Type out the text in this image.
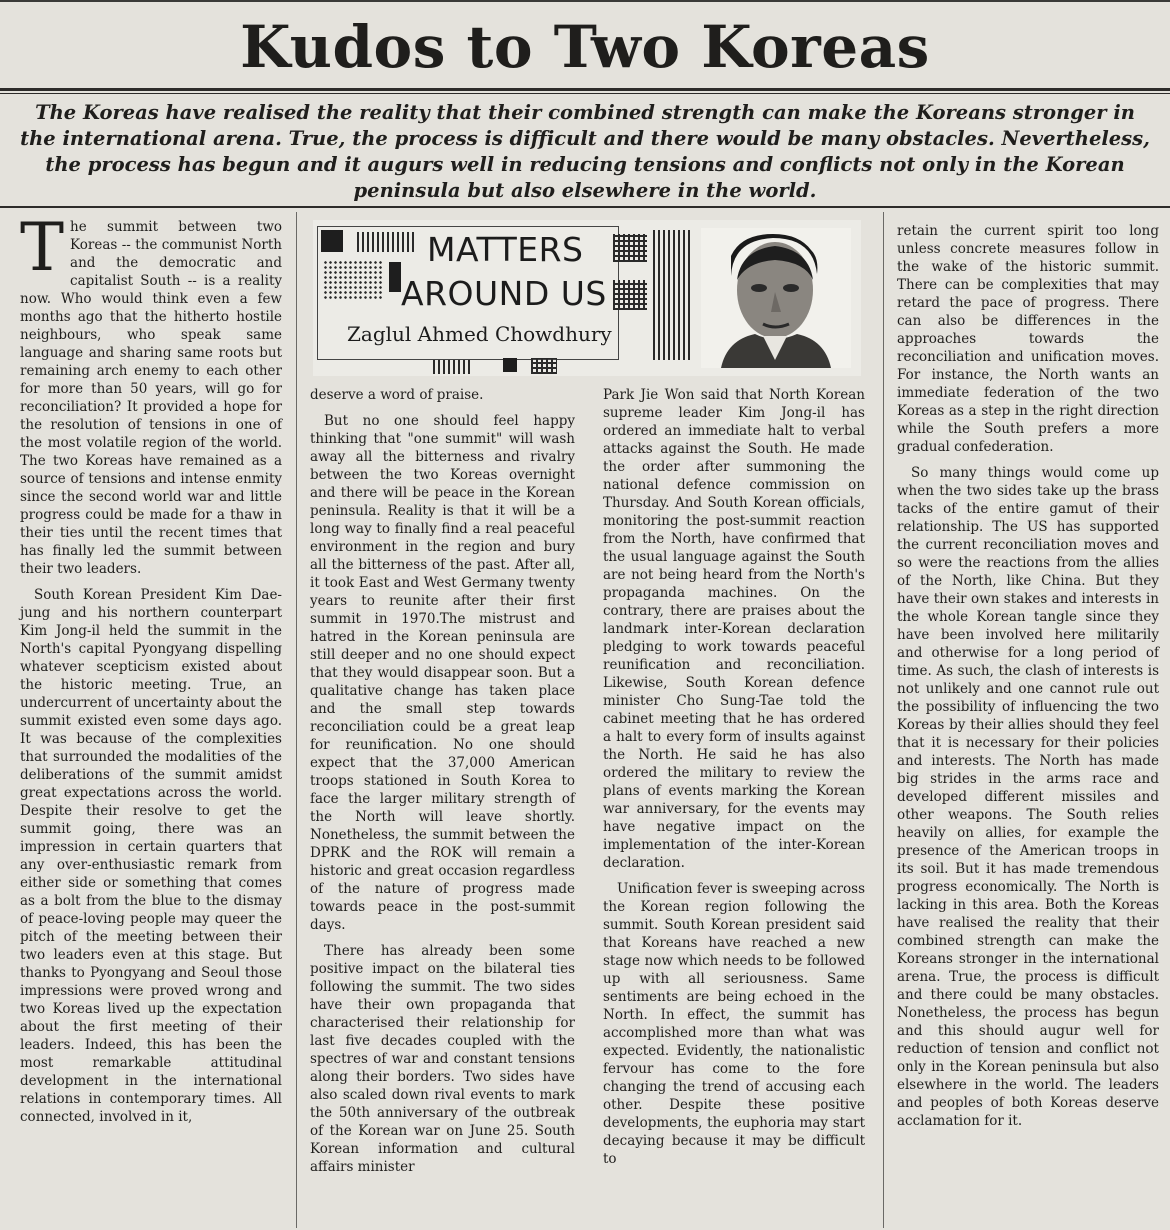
Kudos to Two Koreas
The Koreas have realised the reality that their combined strength can make the Koreans stronger in the international arena. True, the process is difficult and there would be many obstacles. Nevertheless, the process has begun and it augurs well in reducing tensions and conflicts not only in the Korean peninsula but also elsewhere in the world.

The summit between two Koreas -- the communist North and the democratic and capitalist South -- is a reality now. Who would think even a few months ago that the hitherto hostile neighbours, who speak same language and sharing same roots but remaining arch enemy to each other for more than 50 years, will go for reconciliation? It provided a hope for the resolution of tensions in one of the most volatile region of the world. The two Koreas have remained as a source of tensions and intense enmity since the second world war and little progress could be made for a thaw in their ties until the recent times that has finally led the summit between their two leaders.

South Korean President Kim Dae-jung and his northern counterpart Kim Jong-il held the summit in the North's capital Pyongyang dispelling whatever scepticism existed about the historic meeting. True, an undercurrent of uncertainty about the summit existed even some days ago. It was because of the complexities that surrounded the modalities of the deliberations of the summit amidst great expectations across the world. Despite their resolve to get the summit going, there was an impression in certain quarters that any over-enthusiastic remark from either side or something that comes as a bolt from the blue to the dismay of peace-loving people may queer the pitch of the meeting between their two leaders even at this stage. But thanks to Pyongyang and Seoul those impressions were proved wrong and two Koreas lived up the expectation about the first meeting of their leaders. Indeed, this has been the most remarkable attitudinal development in the international relations in contemporary times. All connected, involved in it,

MATTERS
AROUND US
Zaglul Ahmed Chowdhury

deserve a word of praise.

But no one should feel happy thinking that "one summit" will wash away all the bitterness and rivalry between the two Koreas overnight and there will be peace in the Korean peninsula. Reality is that it will be a long way to finally find a real peaceful environment in the region and bury all the bitterness of the past. After all, it took East and West Germany twenty years to reunite after their first summit in 1970.The mistrust and hatred in the Korean peninsula are still deeper and no one should expect that they would disappear soon. But a qualitative change has taken place and the small step towards reconciliation could be a great leap for reunification. No one should expect that the 37,000 American troops stationed in South Korea to face the larger military strength of the North will leave shortly. Nonetheless, the summit between the DPRK and the ROK will remain a historic and great occasion regardless of the nature of progress made towards peace in the post-summit days.

There has already been some positive impact on the bilateral ties following the summit. The two sides have their own propaganda that characterised their relationship for last five decades coupled with the spectres of war and constant tensions along their borders. Two sides have also scaled down rival events to mark the 50th anniversary of the outbreak of the Korean war on June 25. South Korean information and cultural affairs minister

Park Jie Won said that North Korean supreme leader Kim Jong-il has ordered an immediate halt to verbal attacks against the South. He made the order after summoning the national defence commission on Thursday. And South Korean officials, monitoring the post-summit reaction from the North, have confirmed that the usual language against the South are not being heard from the North's propaganda machines. On the contrary, there are praises about the landmark inter-Korean declaration pledging to work towards peaceful reunification and reconciliation. Likewise, South Korean defence minister Cho Sung-Tae told the cabinet meeting that he has ordered a halt to every form of insults against the North. He said he has also ordered the military to review the plans of events marking the Korean war anniversary, for the events may have negative impact on the implementation of the inter-Korean declaration.

Unification fever is sweeping across the Korean region following the summit. South Korean president said that Koreans have reached a new stage now which needs to be followed up with all seriousness. Same sentiments are being echoed in the North. In effect, the summit has accomplished more than what was expected. Evidently, the nationalistic fervour has come to the fore changing the trend of accusing each other. Despite these positive developments, the euphoria may start decaying because it may be difficult to

retain the current spirit too long unless concrete measures follow in the wake of the historic summit. There can be complexities that may retard the pace of progress. There can also be differences in the approaches towards the reconciliation and unification moves. For instance, the North wants an immediate federation of the two Koreas as a step in the right direction while the South prefers a more gradual confederation.

So many things would come up when the two sides take up the brass tacks of the entire gamut of their relationship. The US has supported the current reconciliation moves and so were the reactions from the allies of the North, like China. But they have their own stakes and interests in the whole Korean tangle since they have been involved here militarily and otherwise for a long period of time. As such, the clash of interests is not unlikely and one cannot rule out the possibility of influencing the two Koreas by their allies should they feel that it is necessary for their policies and interests. The North has made big strides in the arms race and developed different missiles and other weapons. The South relies heavily on allies, for example the presence of the American troops in its soil. But it has made tremendous progress economically. The North is lacking in this area. Both the Koreas have realised the reality that their combined strength can make the Koreans stronger in the international arena. True, the process is difficult and there could be many obstacles. Nonetheless, the process has begun and this should augur well for reduction of tension and conflict not only in the Korean peninsula but also elsewhere in the world. The leaders and peoples of both Koreas deserve acclamation for it.
